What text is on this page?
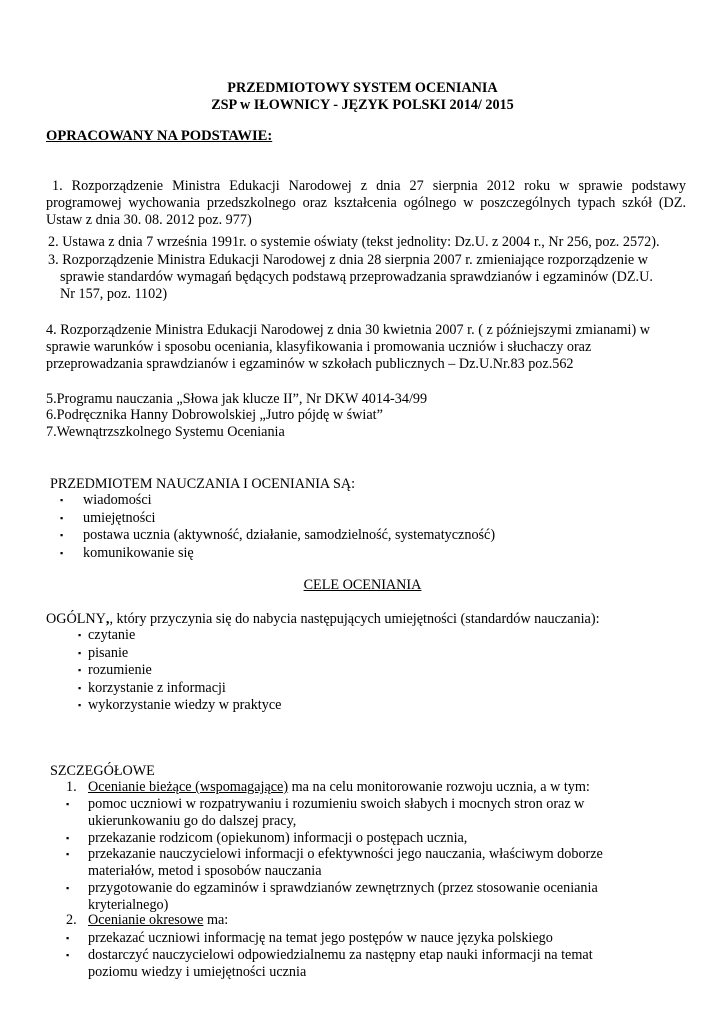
PRZEDMIOTOWY SYSTEM OCENIANIA
ZSP w IŁOWNICY - JĘZYK POLSKI 2014/ 2015
OPRACOWANY NA PODSTAWIE:
1. Rozporządzenie Ministra Edukacji Narodowej z dnia 27 sierpnia 2012 roku w sprawie podstawy programowej wychowania przedszkolnego oraz kształcenia ogólnego w poszczególnych typach szkół (DZ. Ustaw z dnia 30. 08. 2012 poz. 977)
2. Ustawa z dnia 7 września 1991r. o systemie oświaty (tekst jednolity: Dz.U. z 2004 r., Nr 256, poz. 2572).
3. Rozporządzenie Ministra Edukacji Narodowej z dnia 28 sierpnia 2007 r. zmieniające rozporządzenie w
sprawie standardów wymagań będących podstawą przeprowadzania sprawdzianów i egzaminów (DZ.U.
Nr 157, poz. 1102)
4. Rozporządzenie Ministra Edukacji Narodowej z dnia 30 kwietnia 2007 r. ( z późniejszymi zmianami) w
sprawie warunków i sposobu oceniania, klasyfikowania i promowania uczniów i słuchaczy oraz
przeprowadzania sprawdzianów i egzaminów w szkołach publicznych – Dz.U.Nr.83 poz.562
5.Programu nauczania „Słowa jak klucze II”, Nr DKW 4014-34/99
6.Podręcznika Hanny Dobrowolskiej „Jutro pójdę w świat”
7.Wewnątrzszkolnego Systemu Oceniania
PRZEDMIOTEM NAUCZANIA I OCENIANIA SĄ:
▪ wiadomości
▪ umiejętności
▪ postawa ucznia (aktywność, działanie, samodzielność, systematyczność)
▪ komunikowanie się
CELE OCENIANIA
OGÓLNY,, który przyczynia się do nabycia następujących umiejętności (standardów nauczania):
▪ czytanie
▪ pisanie
▪ rozumienie
▪ korzystanie z informacji
▪ wykorzystanie wiedzy w praktyce
SZCZEGÓŁOWE
1. Ocenianie bieżące (wspomagające) ma na celu monitorowanie rozwoju ucznia, a w tym:
▪ pomoc uczniowi w rozpatrywaniu i rozumieniu swoich słabych i mocnych stron oraz w ukierunkowaniu go do dalszej pracy,
▪ przekazanie rodzicom (opiekunom) informacji o postępach ucznia,
▪ przekazanie nauczycielowi informacji o efektywności jego nauczania, właściwym doborze materiałów, metod i sposobów nauczania
▪ przygotowanie do egzaminów i sprawdzianów zewnętrznych (przez stosowanie oceniania kryterialnego)
2. Ocenianie okresowe ma:
▪ przekazać uczniowi informację na temat jego postępów w nauce języka polskiego
▪ dostarczyć nauczycielowi odpowiedzialnemu za następny etap nauki informacji na temat poziomu wiedzy i umiejętności ucznia
